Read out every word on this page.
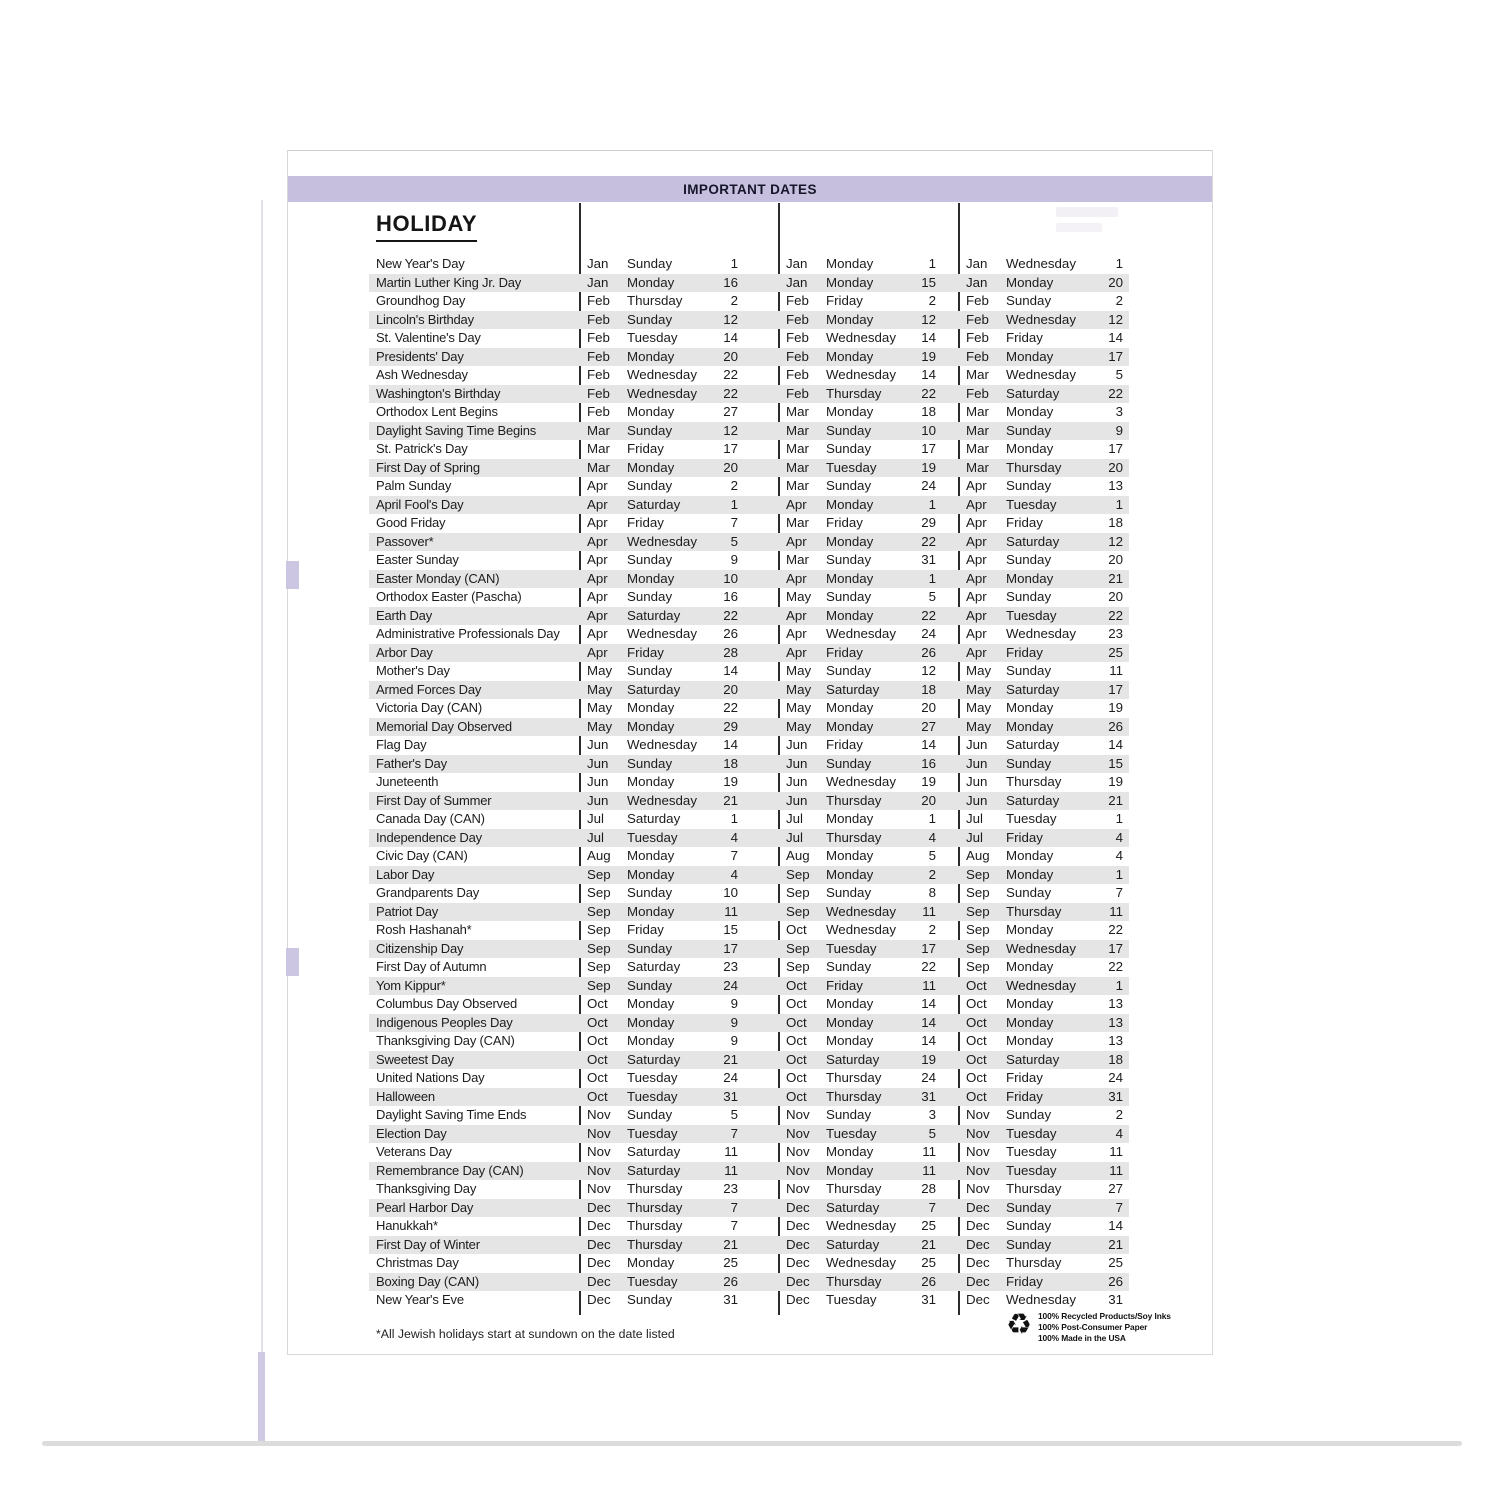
IMPORTANT DATES
HOLIDAY
New Year's Day	Jan	Sunday	1	Jan	Monday	1 Jan	Wednesday	1
Martin Luther King Jr. Day	Jan	Monday	16	Jan	Monday	15 Jan	Monday	20
Groundhog Day	Feb	Thursday	2	Feb	Friday	2 Feb	Sunday	2
Lincoln's Birthday	Feb	Sunday	12	Feb	Monday	12 Feb	Wednesday	12
St. Valentine's Day	Feb	Tuesday	14	Feb	Wednesday	14 Feb	Friday	14
Presidents' Day	Feb	Monday	20	Feb	Monday	19 Feb	Monday	17
Ash Wednesday	Feb	Wednesday	22	Feb	Wednesday	14 Mar	Wednesday	5
Washington's Birthday	Feb	Wednesday	22	Feb	Thursday	22 Feb	Saturday	22
Orthodox Lent Begins	Feb	Monday	27	Mar	Monday	18 Mar	Monday	3
Daylight Saving Time Begins	Mar	Sunday	12	Mar	Sunday	10 Mar	Sunday	9
St. Patrick's Day	Mar	Friday	17	Mar	Sunday	17 Mar	Monday	17
First Day of Spring	Mar	Monday	20	Mar	Tuesday	19 Mar	Thursday	20
Palm Sunday	Apr	Sunday	2	Mar	Sunday	24 Apr	Sunday	13
April Fool's Day	Apr	Saturday	1	Apr	Monday	1 Apr	Tuesday	1
Good Friday	Apr	Friday	7	Mar	Friday	29 Apr	Friday	18
Passover*	Apr	Wednesday	5	Apr	Monday	22 Apr	Saturday	12
Easter Sunday	Apr	Sunday	9	Mar	Sunday	31 Apr	Sunday	20
Easter Monday (CAN)	Apr	Monday	10	Apr	Monday	1 Apr	Monday	21
Orthodox Easter (Pascha)	Apr	Sunday	16	May	Sunday	5 Apr	Sunday	20
Earth Day	Apr	Saturday	22	Apr	Monday	22 Apr	Tuesday	22
Administrative Professionals Day	Apr	Wednesday	26	Apr	Wednesday	24 Apr	Wednesday	23
Arbor Day	Apr	Friday	28	Apr	Friday	26 Apr	Friday	25
Mother's Day	May	Sunday	14	May	Sunday	12 May	Sunday	11
Armed Forces Day	May	Saturday	20	May	Saturday	18 May	Saturday	17
Victoria Day (CAN)	May	Monday	22	May	Monday	20 May	Monday	19
Memorial Day Observed	May	Monday	29	May	Monday	27 May	Monday	26
Flag Day	Jun	Wednesday	14	Jun	Friday	14 Jun	Saturday	14
Father's Day	Jun	Sunday	18	Jun	Sunday	16 Jun	Sunday	15
Juneteenth	Jun	Monday	19	Jun	Wednesday	19 Jun	Thursday	19
First Day of Summer	Jun	Wednesday	21	Jun	Thursday	20 Jun	Saturday	21
Canada Day (CAN)	Jul	Saturday	1	Jul	Monday	1 Jul	Tuesday	1
Independence Day	Jul	Tuesday	4	Jul	Thursday	4 Jul	Friday	4
Civic Day (CAN)	Aug	Monday	7	Aug	Monday	5 Aug	Monday	4
Labor Day	Sep	Monday	4	Sep	Monday	2 Sep	Monday	1
Grandparents Day	Sep	Sunday	10	Sep	Sunday	8 Sep	Sunday	7
Patriot Day	Sep	Monday	11	Sep	Wednesday	11 Sep	Thursday	11
Rosh Hashanah*	Sep	Friday	15	Oct	Wednesday	2 Sep	Monday	22
Citizenship Day	Sep	Sunday	17	Sep	Tuesday	17 Sep	Wednesday	17
First Day of Autumn	Sep	Saturday	23	Sep	Sunday	22 Sep	Monday	22
Yom Kippur*	Sep	Sunday	24	Oct	Friday	11 Oct	Wednesday	1
Columbus Day Observed	Oct	Monday	9	Oct	Monday	14 Oct	Monday	13
Indigenous Peoples Day	Oct	Monday	9	Oct	Monday	14 Oct	Monday	13
Thanksgiving Day (CAN)	Oct	Monday	9	Oct	Monday	14 Oct	Monday	13
Sweetest Day	Oct	Saturday	21	Oct	Saturday	19 Oct	Saturday	18
United Nations Day	Oct	Tuesday	24	Oct	Thursday	24 Oct	Friday	24
Halloween	Oct	Tuesday	31	Oct	Thursday	31 Oct	Friday	31
Daylight Saving Time Ends	Nov	Sunday	5	Nov	Sunday	3 Nov	Sunday	2
Election Day	Nov	Tuesday	7	Nov	Tuesday	5 Nov	Tuesday	4
Veterans Day	Nov	Saturday	11	Nov	Monday	11 Nov	Tuesday	11
Remembrance Day (CAN)	Nov	Saturday	11	Nov	Monday	11 Nov	Tuesday	11
Thanksgiving Day	Nov	Thursday	23	Nov	Thursday	28 Nov	Thursday	27
Pearl Harbor Day	Dec	Thursday	7	Dec	Saturday	7 Dec	Sunday	7
Hanukkah*	Dec	Thursday	7	Dec	Wednesday	25 Dec	Sunday	14
First Day of Winter	Dec	Thursday	21	Dec	Saturday	21 Dec	Sunday	21
Christmas Day	Dec	Monday	25	Dec	Wednesday	25 Dec	Thursday	25
Boxing Day (CAN)	Dec	Tuesday	26	Dec	Thursday	26 Dec	Friday	26
New Year's Eve	Dec	Sunday	31	Dec	Tuesday	31 Dec	Wednesday	31
*All Jewish holidays start at sundown on the date listed	♻ 100% Recycled Products/Soy Inks
100% Post-Consumer Paper
100% Made in the USA
